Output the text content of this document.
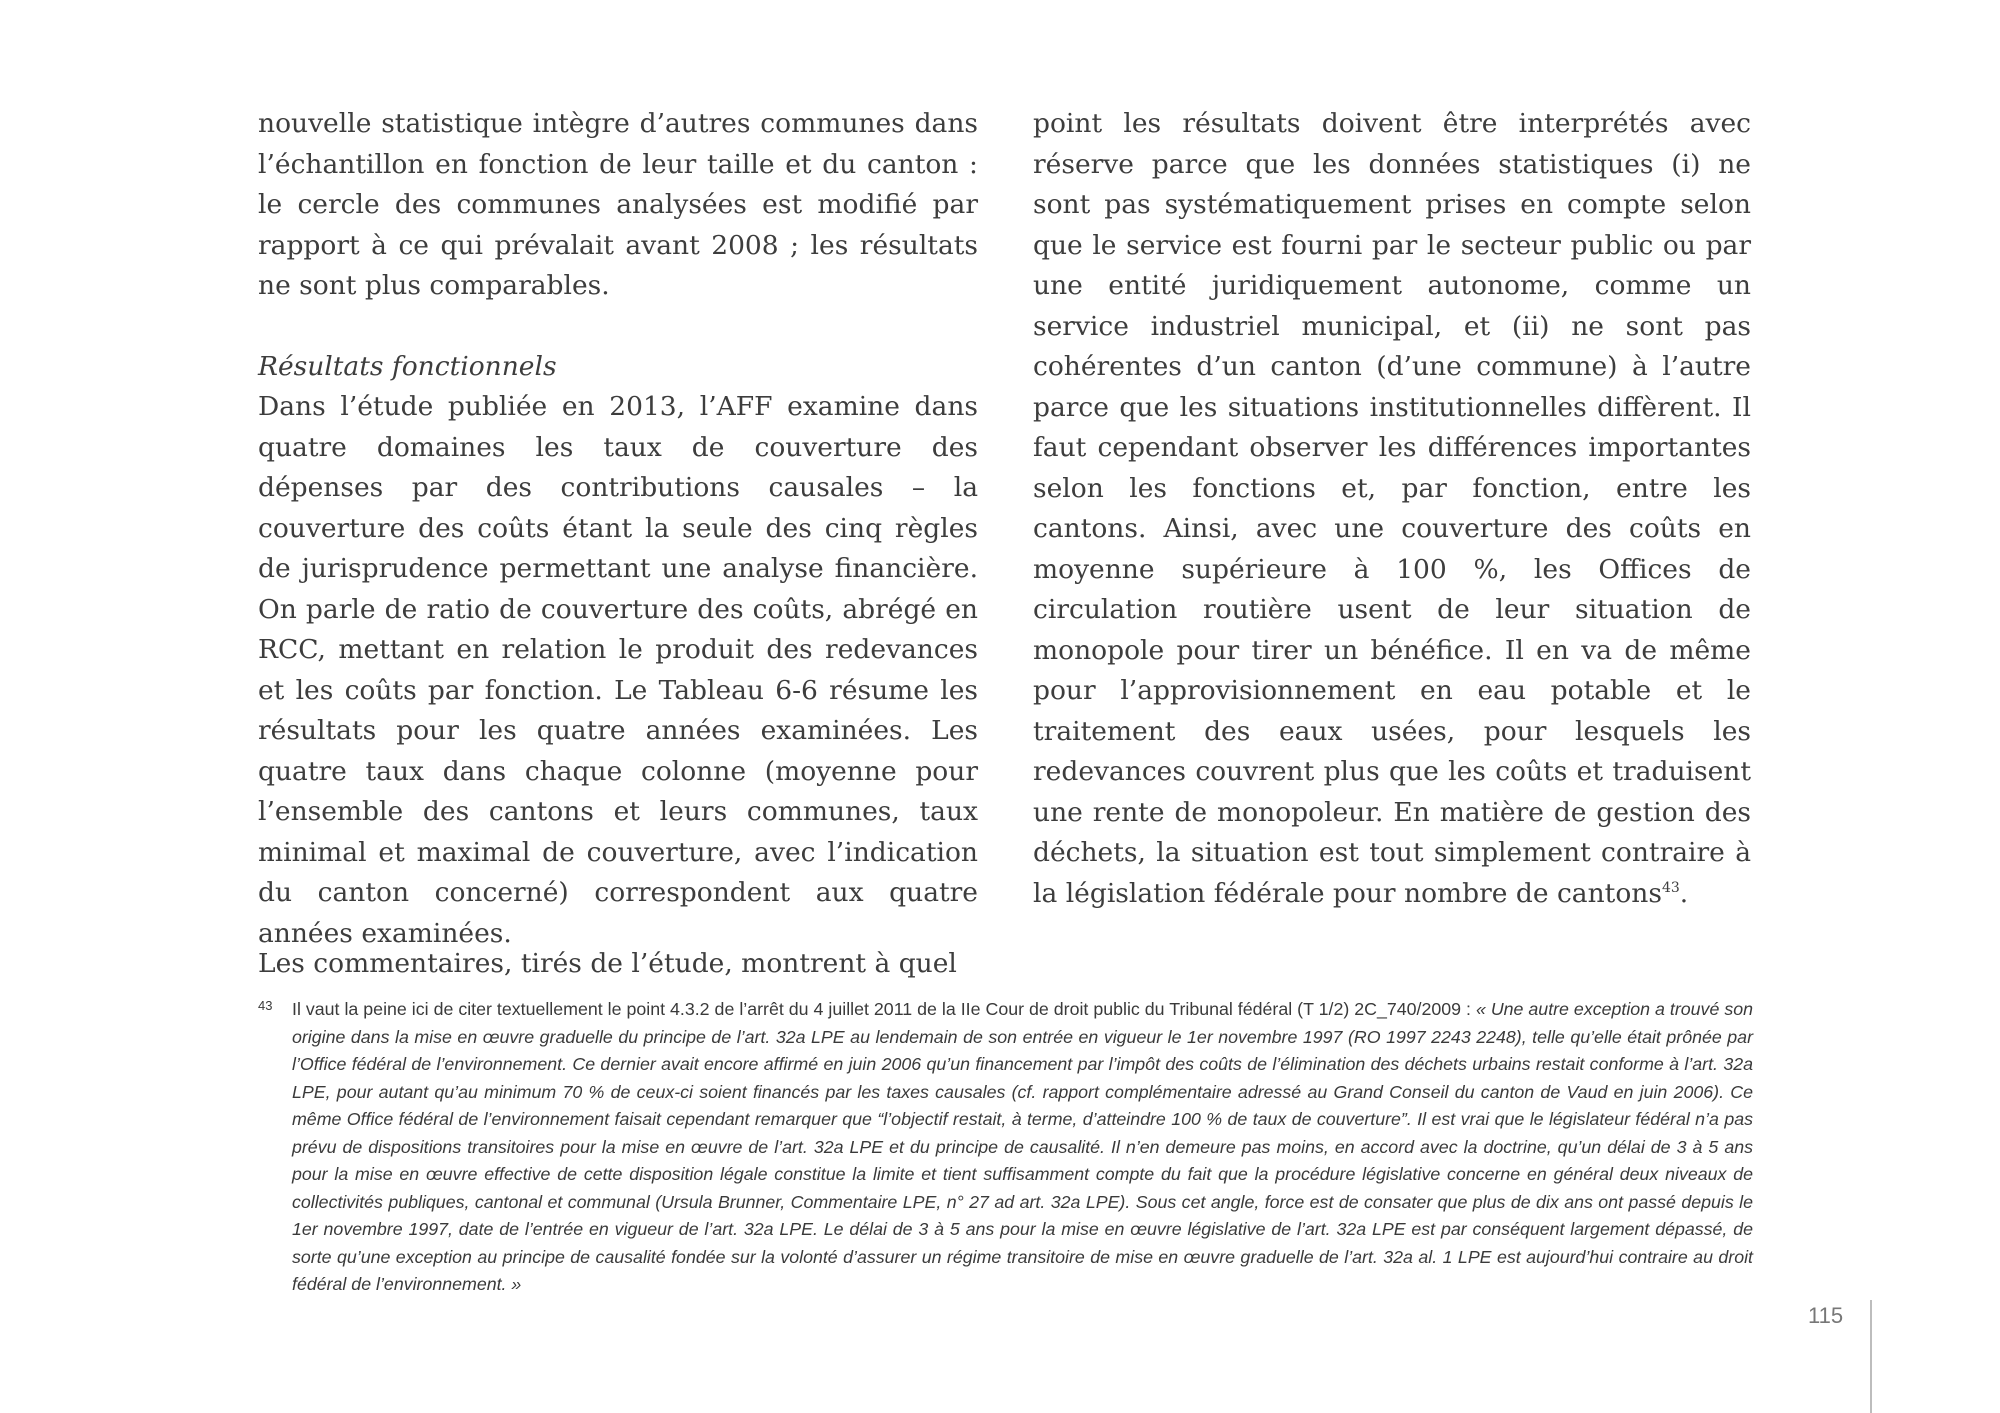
nouvelle statistique intègre d’autres communes dans l’échantillon en fonction de leur taille et du canton : le cercle des communes analysées est modifié par rapport à ce qui prévalait avant 2008 ; les résultats ne sont plus comparables.

Résultats fonctionnels

Dans l’étude publiée en 2013, l’AFF examine dans quatre domaines les taux de couverture des dépenses par des contributions causales – la couverture des coûts étant la seule des cinq règles de jurisprudence permettant une analyse financière. On parle de ratio de couverture des coûts, abrégé en RCC, mettant en relation le produit des redevances et les coûts par fonction. Le Tableau 6-6 résume les résultats pour les quatre années examinées. Les quatre taux dans chaque colonne (moyenne pour l’ensemble des cantons et leurs communes, taux minimal et maximal de couverture, avec l’indication du canton concerné) correspondent aux quatre années examinées.

Les commentaires, tirés de l’étude, montrent à quel

point les résultats doivent être interprétés avec réserve parce que les données statistiques (i) ne sont pas systématiquement prises en compte selon que le service est fourni par le secteur public ou par une entité juridiquement autonome, comme un service industriel municipal, et (ii) ne sont pas cohérentes d’un canton (d’une commune) à l’autre parce que les situations institutionnelles diffèrent. Il faut cependant observer les différences importantes selon les fonctions et, par fonction, entre les cantons. Ainsi, avec une couverture des coûts en moyenne supérieure à 100 %, les Offices de circulation routière usent de leur situation de monopole pour tirer un bénéfice. Il en va de même pour l’approvisionnement en eau potable et le traitement des eaux usées, pour lesquels les redevances couvrent plus que les coûts et traduisent une rente de monopoleur. En matière de gestion des déchets, la situation est tout simplement contraire à la législation fédérale pour nombre de cantons$^{43}$.

43 Il vaut la peine ici de citer textuellement le point 4.3.2 de l’arrêt du 4 juillet 2011 de la IIe Cour de droit public du Tribunal fédéral (T 1/2) 2C_740/2009 : « Une autre exception a trouvé son origine dans la mise en œuvre graduelle du principe de l’art. 32a LPE au lendemain de son entrée en vigueur le 1er novembre 1997 (RO 1997 2243 2248), telle qu’elle était prônée par l’Office fédéral de l’environnement. Ce dernier avait encore affirmé en juin 2006 qu’un financement par l’impôt des coûts de l’élimination des déchets urbains restait conforme à l’art. 32a LPE, pour autant qu’au minimum 70 % de ceux-ci soient financés par les taxes causales (cf. rapport complémentaire adressé au Grand Conseil du canton de Vaud en juin 2006). Ce même Office fédéral de l’environnement faisait cependant remarquer que “l’objectif restait, à terme, d’atteindre 100 % de taux de couverture”. Il est vrai que le législateur fédéral n’a pas prévu de dispositions transitoires pour la mise en œuvre de l’art. 32a LPE et du principe de causalité. Il n’en demeure pas moins, en accord avec la doctrine, qu’un délai de 3 à 5 ans pour la mise en œuvre effective de cette disposition légale constitue la limite et tient suffisamment compte du fait que la procédure législative concerne en général deux niveaux de collectivités publiques, cantonal et communal (Ursula Brunner, Commentaire LPE, n° 27 ad art. 32a LPE). Sous cet angle, force est de consater que plus de dix ans ont passé depuis le 1er novembre 1997, date de l’entrée en vigueur de l’art. 32a LPE. Le délai de 3 à 5 ans pour la mise en œuvre législative de l’art. 32a LPE est par conséquent largement dépassé, de sorte qu’une exception au principe de causalité fondée sur la volonté d’assurer un régime transitoire de mise en œuvre graduelle de l’art. 32a al. 1 LPE est aujourd’hui contraire au droit fédéral de l’environnement. »
115
